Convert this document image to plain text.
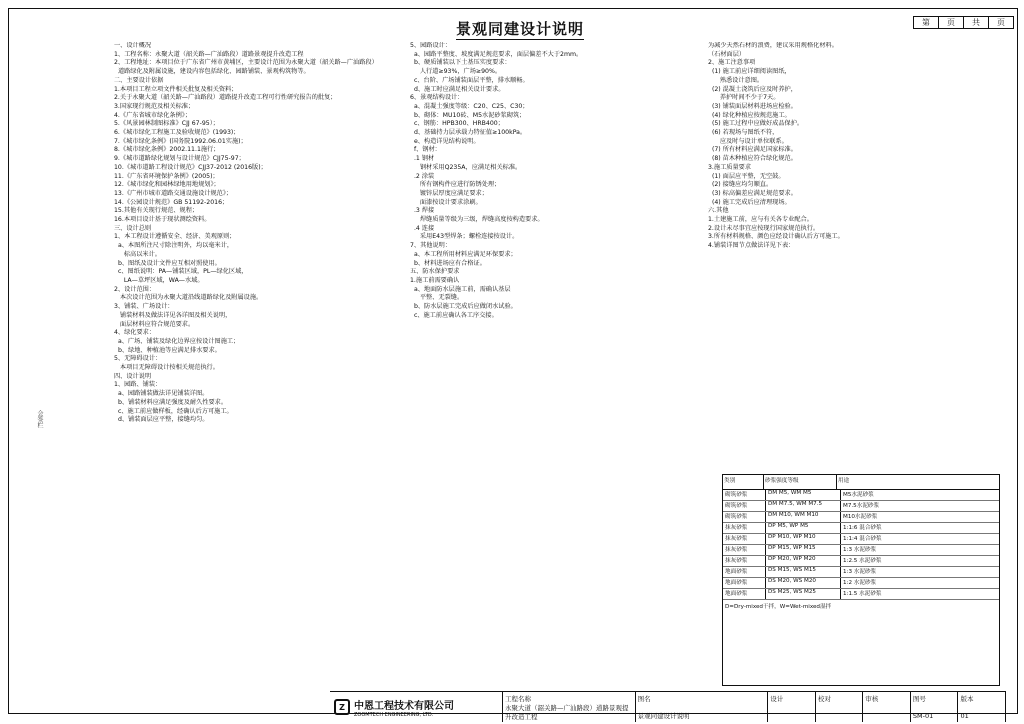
景观同建设计说明	第	页	共	页
会签栏
一、设计概况
1、工程名称：永聚大道（韶关路—广汕路段）道路景观提升改造工程
2、工程地址：本项目位于广东省广州市黄埔区，主要设计范围为永聚大道（韶关路—广汕路段）
道路绿化及附属设施，建设内容包括绿化、园路铺装、景观构筑物等。
二、主要设计依据
1.本项目工程立项文件相关批复及相关资料；
2.关于永聚大道（韶关路—广汕路段）道路提升改造工程可行性研究报告的批复；
3.国家现行规范及相关标准；
4.《广东省城市绿化条例》；
5.《风景园林制图标准》CJJ 67-95）；
6.《城市绿化工程施工及验收规范》(1993)；
7.《城市绿化条例》(国务院1992.06.01实施)；
8.《城市绿化条例》2002.11.1施行；
9.《城市道路绿化规划与设计规范》CJJ75-97；
10.《城市道路工程设计规范》CJJ37-2012 (2016版)；
11.《广东省环境保护条例》(2005)；
12.《城市绿化和园林绿地用地规划》；
13.《广州市城市道路交通设施设计规范》；
14.《公园设计规范》GB 51192-2016；
15.其他有关现行规范、规程；
16.本项目设计基于现状测绘资料。
三、设计总则
1、本工程设计遵循安全、经济、美观原则；
a、本图所注尺寸除注明外，均以毫米计，
标高以米计。
b、图纸及设计文件应互相对照使用。
c、图纸说明：PA—铺装区域，PL—绿化区域，
LA—草坪区域，WA—水域。
2、设计范围：
本次设计范围为永聚大道沿线道路绿化及附属设施。
3、铺装、广场设计：
铺装材料及做法详见各详图及相关说明，
面层材料应符合规范要求。
4、绿化要求：
a、广场、铺装及绿化边界应按设计图施工；
b、绿地、种植池等应满足排水要求。
5、无障碍设计：
本项目无障碍设计按相关规范执行。
四、设计说明
1、园路、铺装：
a、园路铺装做法详见铺装详图。
b、铺装材料应满足强度及耐久性要求。
c、施工前应做样板，经确认后方可施工。
d、铺装面层应平整，接缝均匀。
5、园路设计：
a、园路平整度、坡度满足规范要求，面层偏差不大于2mm。
b、硬质铺装以下土基压实度要求：
人行道≥93%，广场≥90%。
c、台阶、广场铺装面层平整，排水顺畅。
d、施工时应满足相关设计要求。
6、景观结构设计：
a、混凝土强度等级：C20、C25、C30；
b、砌体：MU10砖、M5水泥砂浆砌筑；
c、钢筋：HPB300、HRB400；
d、基础持力层承载力特征值≥100kPa。
e、构造详见结构说明。
f、钢材：
.1 钢材
钢材采用Q235A，应满足相关标准。
.2 涂装
所有钢构件应进行防锈处理；
镀锌层厚度应满足要求；
面漆按设计要求涂刷。
.3 焊接
焊缝质量等级为三级，焊缝高度按构造要求。
.4 连接
采用E43型焊条；螺栓连接按设计。
7、其他说明：
a、本工程所用材料应满足环保要求；
b、材料进场应有合格证。
五、防水保护要求
1.施工前需要确认
a、地面防水层施工前，需确认基层
平整、无裂缝。
b、防水层施工完成后应做闭水试验。
c、施工前应确认各工序交接。
为减少天然石材的浪费，建议采用规格化材料。
（石材面层）
2、施工注意事项
(1) 施工前应详细阅读图纸，
熟悉设计意图。
(2) 混凝土浇筑后应及时养护，
养护时间不少于7天。
(3) 铺装面层材料进场应检验。
(4) 绿化种植应按规范施工。
(5) 施工过程中应做好成品保护。
(6) 若现场与图纸不符，
应及时与设计单位联系。
(7) 所有材料应满足国家标准。
(8) 苗木种植应符合绿化规范。
3.施工质量要求
(1) 面层应平整，无空鼓。
(2) 接缝应均匀顺直。
(3) 标高偏差应满足规范要求。
(4) 施工完成后应清理现场。
六.其他
1.土建施工前，应与有关各专业配合。
2.设计未尽事宜应按现行国家规范执行。
3.所有材料规格、颜色应经设计确认后方可施工。
4.铺装详图节点做法详见下表：
类别	砂浆强度等级	用途
砌筑砂浆	DM M5, WM M5	M5水泥砂浆
砌筑砂浆	DM M7.5, WM M7.5	M7.5水泥砂浆
砌筑砂浆	DM M10, WM M10	M10水泥砂浆
抹灰砂浆	DP M5, WP M5	1:1:6 混合砂浆
抹灰砂浆	DP M10, WP M10	1:1:4 混合砂浆
抹灰砂浆	DP M15, WP M15	1:3 水泥砂浆
抹灰砂浆	DP M20, WP M20	1:2.5 水泥砂浆
地面砂浆	DS M15, WS M15	1:3 水泥砂浆
地面砂浆	DS M20, WS M20	1:2 水泥砂浆
地面砂浆	DS M25, WS M25	1:1.5 水泥砂浆
D=Dry-mixed干拌，W=Wet-mixed湿拌
Z 中恩工程技术有限公司
ZOOMTECH ENGINEERING, LTD.
工程名称
永聚大道（韶关路—广汕路段）道路景观提升改造工程
图名
景观同建设计说明
设计	校对	审核	图号
SM-01
版本
01
